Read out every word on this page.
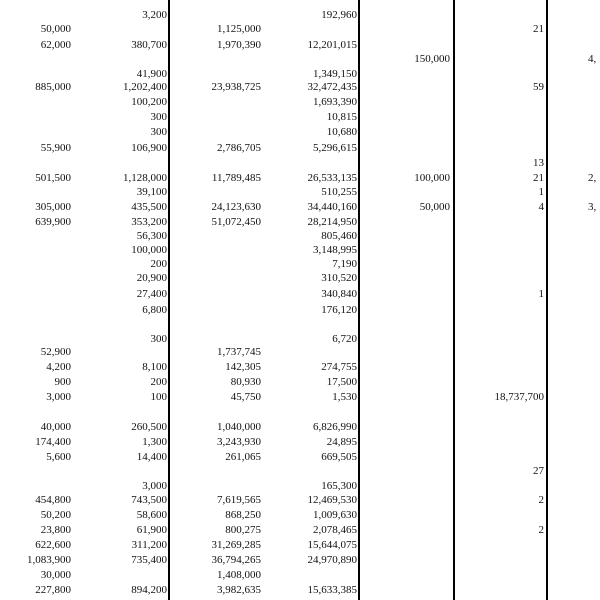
50,000
62,000
885,000
55,900
501,500
305,000
639,900
52,900
4,200
900
3,000
40,000
174,400
5,600
454,800
50,200
23,800
622,600
1,083,900
30,000
227,800
3,200
380,700
41,900
1,202,400
100,200
300
300
106,900
1,128,000
39,100
435,500
353,200
56,300
100,000
200
20,900
27,400
6,800
300
8,100
200
100
260,500
1,300
14,400
3,000
743,500
58,600
61,900
311,200
735,400
894,200
1,125,000
1,970,390
23,938,725
2,786,705
11,789,485
24,123,630
51,072,450
1,737,745
142,305
80,930
45,750
1,040,000
3,243,930
261,065
7,619,565
868,250
800,275
31,269,285
36,794,265
1,408,000
3,982,635
192,960
12,201,015
1,349,150
32,472,435
1,693,390
10,815
10,680
5,296,615
26,533,135
510,255
34,440,160
28,214,950
805,460
3,148,995
7,190
310,520
340,840
176,120
6,720
274,755
17,500
1,530
6,826,990
24,895
669,505
165,300
12,469,530
1,009,630
2,078,465
15,644,075
24,970,890
15,633,385
150,000
100,000
50,000
21
59
13
21
1
4
1
18,737,700
27
2
2
4,
2,
3,
